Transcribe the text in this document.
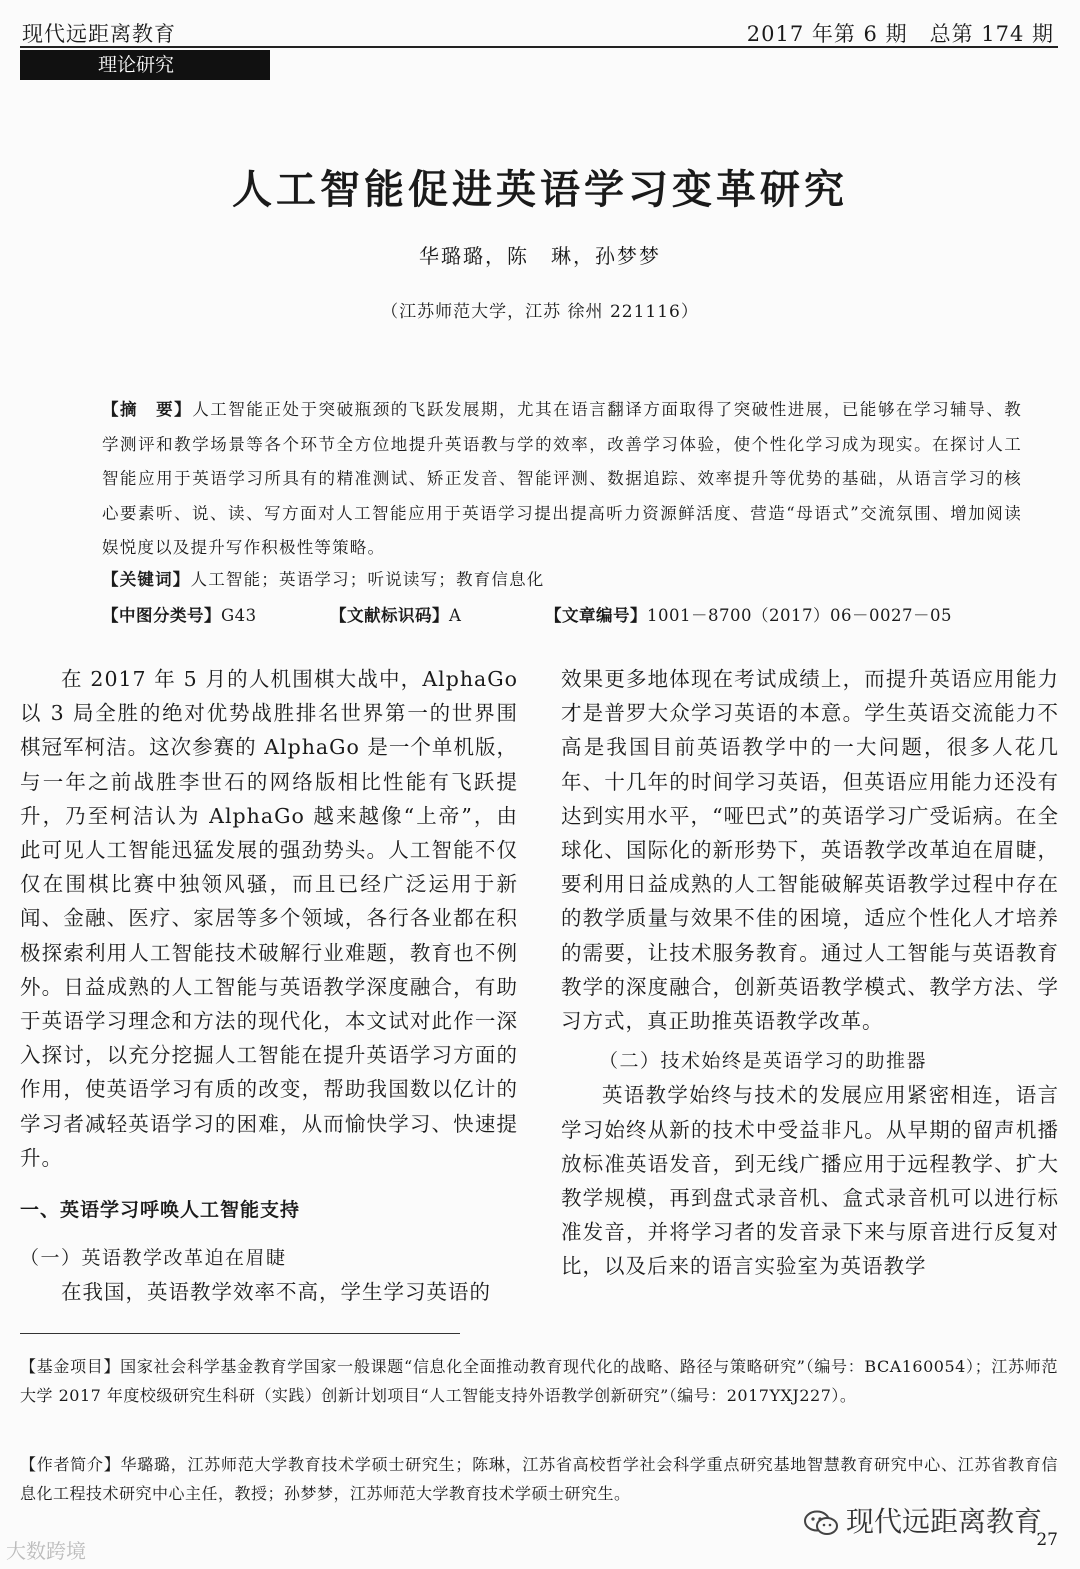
现代远距离教育	2017 年第 6 期　总第 174 期
理论研究
人工智能促进英语学习变革研究
华璐璐，陈　琳，孙梦梦
（江苏师范大学，江苏 徐州 221116）
【摘　要】人工智能正处于突破瓶颈的飞跃发展期，尤其在语言翻译方面取得了突破性进展，已能够在学习辅导、教学测评和教学场景等各个环节全方位地提升英语教与学的效率，改善学习体验，使个性化学习成为现实。在探讨人工智能应用于英语学习所具有的精准测试、矫正发音、智能评测、数据追踪、效率提升等优势的基础，从语言学习的核心要素听、说、读、写方面对人工智能应用于英语学习提出提高听力资源鲜活度、营造“母语式”交流氛围、增加阅读娱悦度以及提升写作积极性等策略。
【关键词】人工智能；英语学习；听说读写；教育信息化
【中图分类号】G43	【文献标识码】A	【文章编号】1001－8700（2017）06－0027－05

在 2017 年 5 月的人机围棋大战中，AlphaGo 以 3 局全胜的绝对优势战胜排名世界第一的世界围棋冠军柯洁。这次参赛的 AlphaGo 是一个单机版，与一年之前战胜李世石的网络版相比性能有飞跃提升，乃至柯洁认为 AlphaGo 越来越像“上帝”，由此可见人工智能迅猛发展的强劲势头。人工智能不仅仅在围棋比赛中独领风骚，而且已经广泛运用于新闻、金融、医疗、家居等多个领域，各行各业都在积极探索利用人工智能技术破解行业难题，教育也不例外。日益成熟的人工智能与英语教学深度融合，有助于英语学习理念和方法的现代化，本文试对此作一深入探讨，以充分挖掘人工智能在提升英语学习方面的作用，使英语学习有质的改变，帮助我国数以亿计的学习者减轻英语学习的困难，从而愉快学习、快速提升。

一、英语学习呼唤人工智能支持

（一）英语教学改革迫在眉睫

在我国，英语教学效率不高，学生学习英语的

效果更多地体现在考试成绩上，而提升英语应用能力才是普罗大众学习英语的本意。学生英语交流能力不高是我国目前英语教学中的一大问题，很多人花几年、十几年的时间学习英语，但英语应用能力还没有达到实用水平，“哑巴式”的英语学习广受诟病。在全球化、国际化的新形势下，英语教学改革迫在眉睫，要利用日益成熟的人工智能破解英语教学过程中存在的教学质量与效果不佳的困境，适应个性化人才培养的需要，让技术服务教育。通过人工智能与英语教育教学的深度融合，创新英语教学模式、教学方法、学习方式，真正助推英语教学改革。

（二）技术始终是英语学习的助推器

英语教学始终与技术的发展应用紧密相连，语言学习始终从新的技术中受益非凡。从早期的留声机播放标准英语发音，到无线广播应用于远程教学、扩大教学规模，再到盘式录音机、盒式录音机可以进行标准发音，并将学习者的发音录下来与原音进行反复对比，以及后来的语言实验室为英语教学

【基金项目】国家社会科学基金教育学国家一般课题“信息化全面推动教育现代化的战略、路径与策略研究”（编号：BCA160054）；江苏师范大学 2017 年度校级研究生科研（实践）创新计划项目“人工智能支持外语教学创新研究”（编号：2017YXJ227）。
【作者简介】华璐璐，江苏师范大学教育技术学硕士研究生；陈琳，江苏省高校哲学社会科学重点研究基地智慧教育研究中心、江苏省教育信息化工程技术研究中心主任，教授；孙梦梦，江苏师范大学教育技术学硕士研究生。
现代远距离教育
27
大数跨境
